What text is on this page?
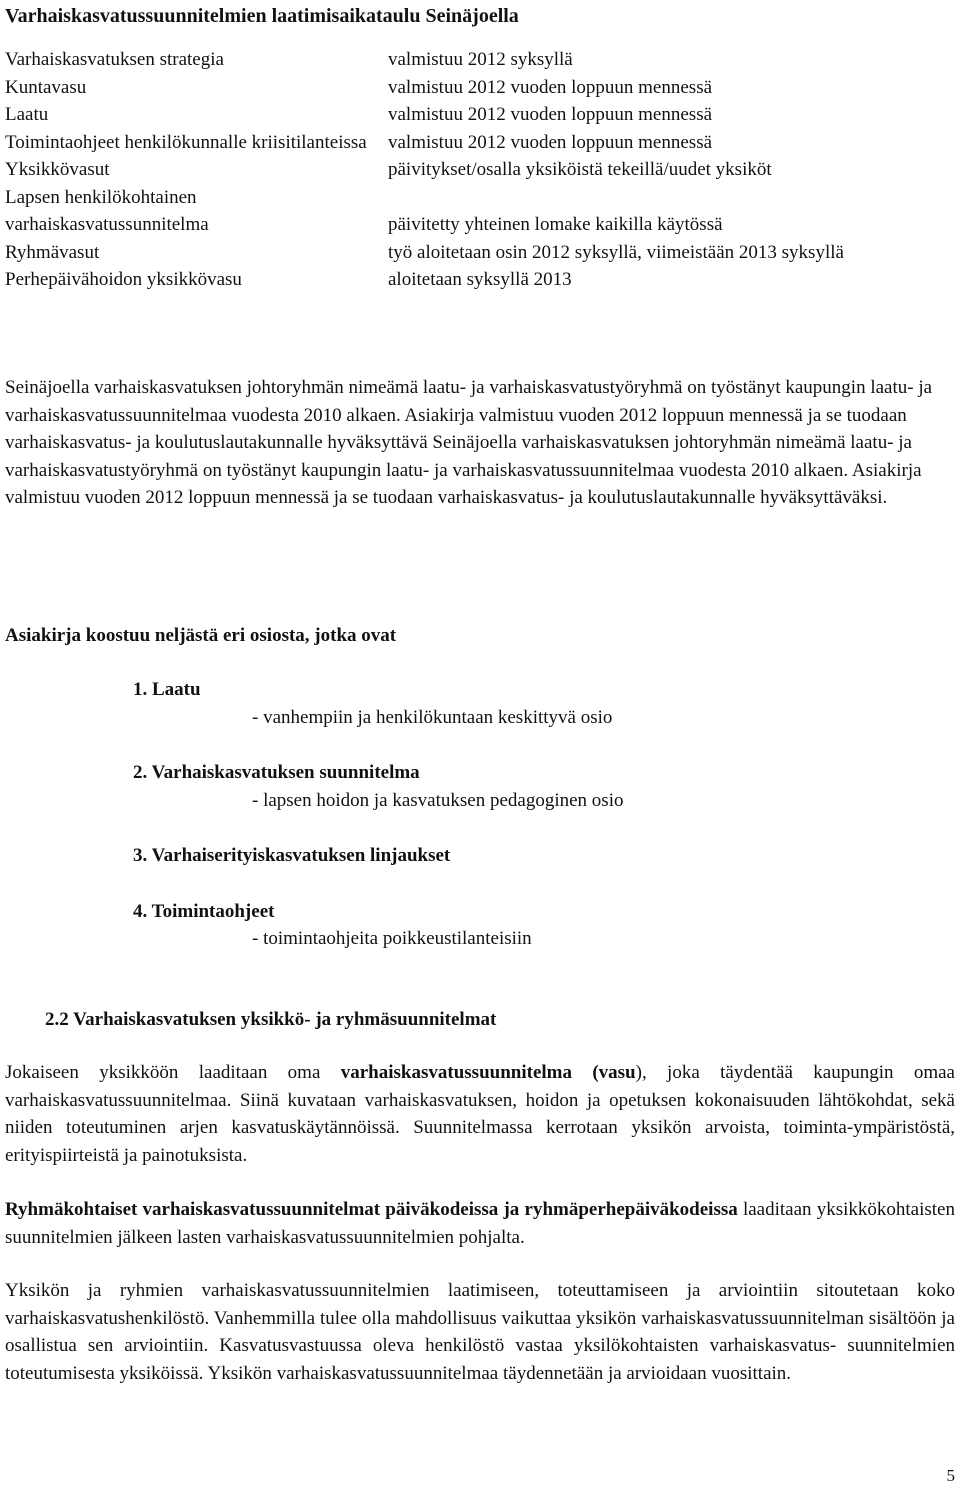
Varhaiskasvatussuunnitelmien laatimisaikataulu Seinäjoella
Varhaiskasvatuksen strategia	valmistuu 2012 syksyllä
Kuntavasu	valmistuu 2012 vuoden loppuun mennessä
Laatu	valmistuu 2012 vuoden loppuun mennessä
Toimintaohjeet henkilökunnalle kriisitilanteissa	valmistuu 2012 vuoden loppuun mennessä
Yksikkövasut	päivitykset/osalla yksiköistä tekeillä/uudet yksiköt
Lapsen henkilökohtainen varhaiskasvatussunnitelma	päivitetty yhteinen lomake kaikilla käytössä
Ryhmävasut	työ aloitetaan osin 2012 syksyllä, viimeistään 2013 syksyllä
Perhepäivähoidon yksikkövasu	aloitetaan syksyllä 2013
Seinäjoella varhaiskasvatuksen johtoryhmän nimeämä laatu- ja varhaiskasvatustyöryhmä on työstänyt kaupungin laatu- ja varhaiskasvatussuunnitelmaa vuodesta 2010 alkaen. Asiakirja valmistuu vuoden 2012 loppuun mennessä ja se tuodaan varhaiskasvatus- ja koulutuslautakunnalle hyväksyttävä Seinäjoella varhaiskasvatuksen johtoryhmän nimeämä laatu- ja varhaiskasvatustyöryhmä on työstänyt kaupungin laatu- ja varhaiskasvatussuunnitelmaa vuodesta 2010 alkaen. Asiakirja valmistuu vuoden 2012 loppuun mennessä ja se tuodaan varhaiskasvatus- ja koulutuslautakunnalle hyväksyttäväksi.
Asiakirja koostuu neljästä eri osiosta, jotka ovat
1. Laatu
- vanhempiin ja henkilökuntaan keskittyvä osio
2. Varhaiskasvatuksen suunnitelma
- lapsen hoidon ja kasvatuksen pedagoginen osio
3. Varhaiserityiskasvatuksen linjaukset
4. Toimintaohjeet
- toimintaohjeita poikkeustilanteisiin
2.2 Varhaiskasvatuksen yksikkö- ja ryhmäsuunnitelmat
Jokaiseen yksikköön laaditaan oma varhaiskasvatussuunnitelma (vasu), joka täydentää kaupungin omaa varhaiskasvatussuunnitelmaa. Siinä kuvataan varhaiskasvatuksen, hoidon ja opetuksen kokonaisuuden lähtökohdat, sekä niiden toteutuminen arjen kasvatuskäytännöissä. Suunnitelmassa kerrotaan yksikön arvoista, toiminta-ympäristöstä, erityispiirteistä ja painotuksista.
Ryhmäkohtaiset varhaiskasvatussuunnitelmat päiväkodeissa ja ryhmäperhepäiväkodeissa laaditaan yksikkökohtaisten suunnitelmien jälkeen lasten varhaiskasvatussuunnitelmien pohjalta.
Yksikön ja ryhmien varhaiskasvatussuunnitelmien laatimiseen, toteuttamiseen ja arviointiin sitoutetaan koko varhaiskasvatushenkilöstö. Vanhemmilla tulee olla mahdollisuus vaikuttaa yksikön varhaiskasvatussuunnitelman sisältöön ja osallistua sen arviointiin. Kasvatusvastuussa oleva henkilöstö vastaa yksilökohtaisten varhaiskasvatus- suunnitelmien toteutumisesta yksiköissä. Yksikön varhaiskasvatussuunnitelmaa täydennetään ja arvioidaan vuosittain.
5
